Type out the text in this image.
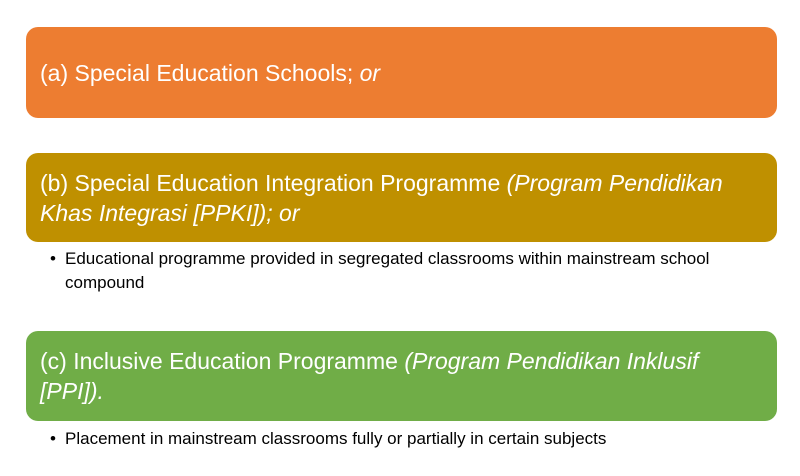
(a) Special Education Schools; or
(b) Special Education Integration Programme (Program Pendidikan Khas Integrasi [PPKI]); or
• Educational programme provided in segregated classrooms within mainstream school compound
(c) Inclusive Education Programme (Program Pendidikan Inklusif [PPI]).
• Placement in mainstream classrooms fully or partially in certain subjects
